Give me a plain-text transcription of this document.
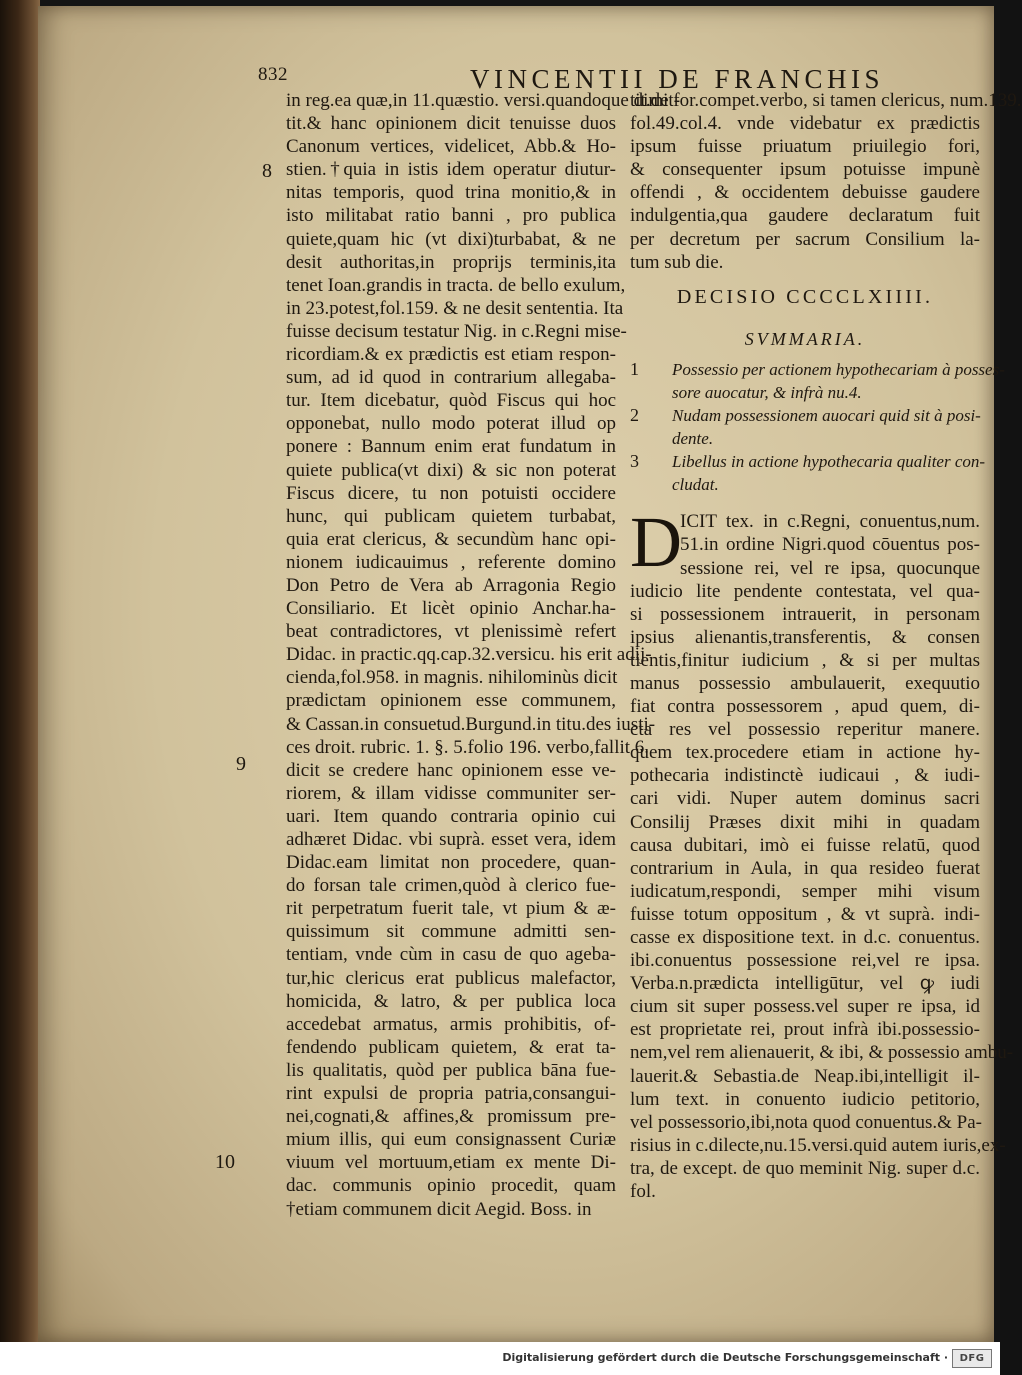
832	VINCENTII DE FRANCHIS
in reg.ea quæ,in 11.quæstio. versi.quandoque dimit-
tit.& hanc opinionem dicit tenuisse duos
Canonum vertices, videlicet, Abb.& Ho-
stien.†quia in istis idem operatur diutur-
nitas temporis, quod trina monitio,& in
isto militabat ratio banni , pro publica
quiete,quam hic (vt dixi)turbabat, & ne
desit authoritas,in proprijs terminis,ita
tenet Ioan.grandis in tracta. de bello exulum,
in 23.potest,fol.159. & ne desit sententia. Ita
fuisse decisum testatur Nig. in c.Regni mise-
ricordiam.& ex prædictis est etiam respon-
sum, ad id quod in contrarium allegaba-
tur. Item dicebatur, quòd Fiscus qui hoc
opponebat, nullo modo poterat illud op
ponere : Bannum enim erat fundatum in
quiete publica(vt dixi) & sic non poterat
Fiscus dicere, tu non potuisti occidere
hunc, qui publicam quietem turbabat,
quia erat clericus, & secundùm hanc opi-
nionem iudicauimus , referente domino
Don Petro de Vera ab Arragonia Regio
Consiliario. Et licèt opinio Anchar.ha-
beat contradictores, vt plenissimè refert
Didac. in practic.qq.cap.32.versicu. his erit adij-
cienda,fol.958. in magnis. nihilominùs dicit
prædictam opinionem esse communem,
& Cassan.in consuetud.Burgund.in titu.des iusti-
ces droit. rubric. 1. §. 5.folio 196. verbo,fallit 6.
dicit se credere hanc opinionem esse ve-
riorem, & illam vidisse communiter ser-
uari. Item quando contraria opinio cui
adhæret Didac. vbi suprà. esset vera, idem
Didac.eam limitat non procedere, quan-
do forsan tale crimen,quòd à clerico fue-
rit perpetratum fuerit tale, vt pium & æ-
quissimum sit commune admitti sen-
tentiam, vnde cùm in casu de quo agebа-
tur,hic clericus erat publicus malefactor,
homicida, & latro, & per publica loca
accedebat armatus, armis prohibitis, of-
fendendo publicam quietem, & erat ta-
lis qualitatis, quòd per publica bāna fue-
rint expulsi de propria patria,consangui-
nei,cognati,& affines,& promissum pre-
mium illis, qui eum consignassent Curiæ
viuum vel mortuum,etiam ex mente Di-
dac. communis opinio procedit, quam
†etiam communem dicit Aegid. Boss. in
8
9
10
tit.de for.compet.verbo, si tamen clericus, num.139.
fol.49.col.4. vnde videbatur ex prædictis
ipsum fuisse priuatum priuilegio fori,
& consequenter ipsum potuisse impunè
offendi , & occidentem debuisse gaudere
indulgentia,qua gaudere declaratum fuit
per decretum per sacrum Consilium la-
tum sub die.
DECISIO CCCCLXIIII.
SVMMARIA.
1 Possessio per actionem hypothecariam à posses-
sore auocatur, & infrà nu.4.
2 Nudam possessionem auocari quid sit à posi-
dente.
3 Libellus in actione hypothecaria qualiter con-
cludat.
D
ICIT tex. in c.Regni, conuentus,num.
51.in ordine Nigri.quod cōuentus pos-
sessione rei, vel re ipsa, quocunque
iudicio lite pendente contestata, vel qua-
si possessionem intrauerit, in personam
ipsius alienantis,transferentis, & consen
tientis,finitur iudicium , & si per multas
manus possessio ambulauerit, exequutio
fiat contra possessorem , apud quem, di-
cta res vel possessio reperitur manere.
quem tex.procedere etiam in actione hy-
pothecaria indistinctè iudicaui , & iudi-
cari vidi. Nuper autem dominus sacri
Consilij Præses dixit mihi in quadam
causa dubitari, imò ei fuisse relatū, quod
contrarium in Aula, in qua resideo fuerat
iudicatum,respondi, semper mihi visum
fuisse totum oppositum , & vt suprà. indi-
casse ex dispositione text. in d.c. conuentus.
ibi.conuentus possessione rei,vel re ipsa.
Verba.n.prædicta intelligūtur, vel ꝙ iudi
cium sit super possess.vel super re ipsa, id
est proprietate rei, prout infrà ibi.possessio-
nem,vel rem alienauerit, & ibi, & possessio ambu-
lauerit.& Sebastia.de Neap.ibi,intelligit il-
lum text. in conuento iudicio petitorio,
vel possessorio,ibi,nota quod conuentus.& Pa-
risius in c.dilecte,nu.15.versi.quid autem iuris,ex-
tra, de except. de quo meminit Nig. super d.c.
fol.
Digitalisierung gefördert durch die Deutsche Forschungsgemeinschaft ·	DFG
